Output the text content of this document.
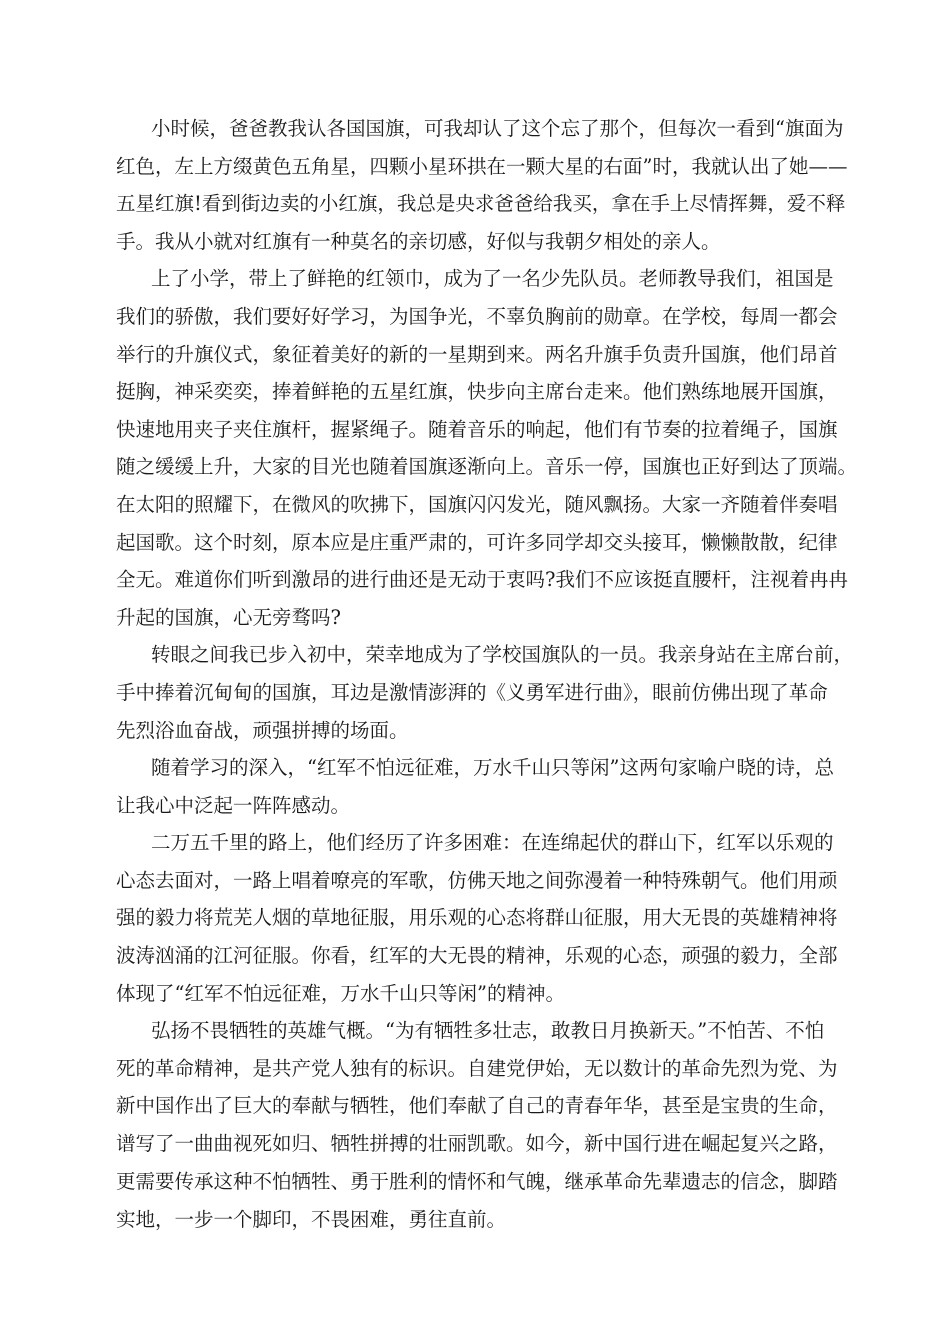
小时候，爸爸教我认各国国旗，可我却认了这个忘了那个，但每次一看到“旗面为
红色，左上方缀黄色五角星，四颗小星环拱在一颗大星的右面”时，我就认出了她——
五星红旗!看到街边卖的小红旗，我总是央求爸爸给我买，拿在手上尽情挥舞，爱不释
手。我从小就对红旗有一种莫名的亲切感，好似与我朝夕相处的亲人。
上了小学，带上了鲜艳的红领巾，成为了一名少先队员。老师教导我们，祖国是
我们的骄傲，我们要好好学习，为国争光，不辜负胸前的勋章。在学校，每周一都会
举行的升旗仪式，象征着美好的新的一星期到来。两名升旗手负责升国旗，他们昂首
挺胸，神采奕奕，捧着鲜艳的五星红旗，快步向主席台走来。他们熟练地展开国旗，
快速地用夹子夹住旗杆，握紧绳子。随着音乐的响起，他们有节奏的拉着绳子，国旗
随之缓缓上升，大家的目光也随着国旗逐渐向上。音乐一停，国旗也正好到达了顶端。
在太阳的照耀下，在微风的吹拂下，国旗闪闪发光，随风飘扬。大家一齐随着伴奏唱
起国歌。这个时刻，原本应是庄重严肃的，可许多同学却交头接耳，懒懒散散，纪律
全无。难道你们听到激昂的进行曲还是无动于衷吗?我们不应该挺直腰杆，注视着冉冉
升起的国旗，心无旁骛吗?
转眼之间我已步入初中，荣幸地成为了学校国旗队的一员。我亲身站在主席台前，
手中捧着沉甸甸的国旗，耳边是激情澎湃的《义勇军进行曲》，眼前仿佛出现了革命
先烈浴血奋战，顽强拼搏的场面。
随着学习的深入，“红军不怕远征难，万水千山只等闲”这两句家喻户晓的诗，总
让我心中泛起一阵阵感动。
二万五千里的路上，他们经历了许多困难：在连绵起伏的群山下，红军以乐观的
心态去面对，一路上唱着嘹亮的军歌，仿佛天地之间弥漫着一种特殊朝气。他们用顽
强的毅力将荒芜人烟的草地征服，用乐观的心态将群山征服，用大无畏的英雄精神将
波涛汹涌的江河征服。你看，红军的大无畏的精神，乐观的心态，顽强的毅力，全部
体现了“红军不怕远征难，万水千山只等闲”的精神。
弘扬不畏牺牲的英雄气概。“为有牺牲多壮志，敢教日月换新天。”不怕苦、不怕
死的革命精神，是共产党人独有的标识。自建党伊始，无以数计的革命先烈为党、为
新中国作出了巨大的奉献与牺牲，他们奉献了自己的青春年华，甚至是宝贵的生命，
谱写了一曲曲视死如归、牺牲拼搏的壮丽凯歌。如今，新中国行进在崛起复兴之路，
更需要传承这种不怕牺牲、勇于胜利的情怀和气魄，继承革命先辈遗志的信念，脚踏
实地，一步一个脚印，不畏困难，勇往直前。
